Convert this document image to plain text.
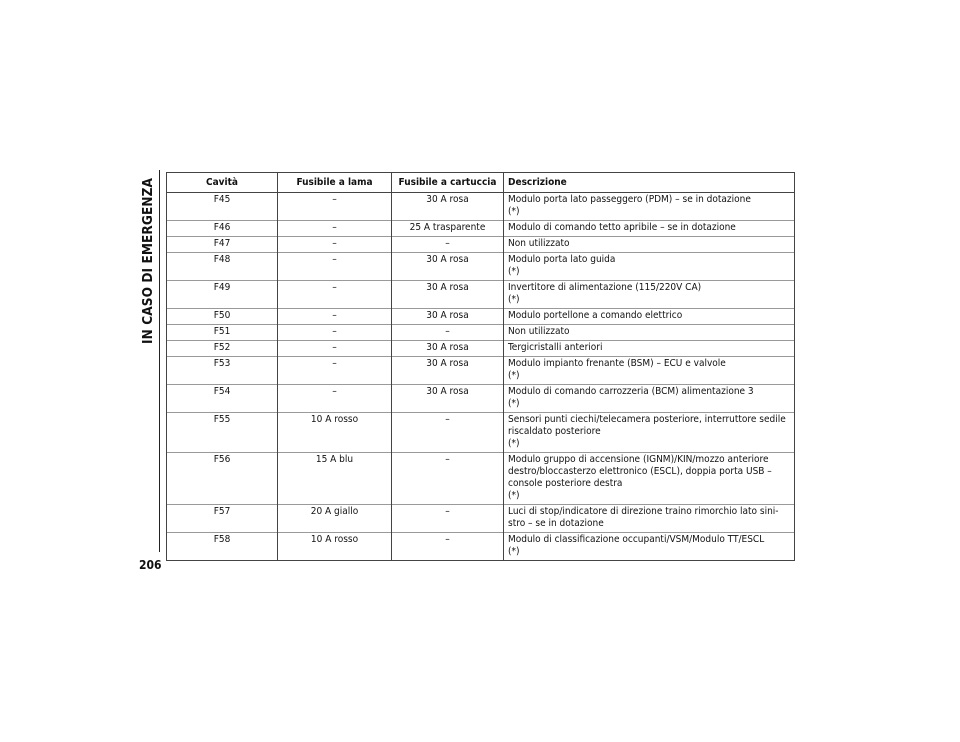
IN CASO DI EMERGENZA
206
Cavità	Fusibile a lama	Fusibile a cartuccia	Descrizione
F45	–	30 A rosa	Modulo porta lato passeggero (PDM) – se in dotazione
(*)

F46	–	25 A trasparente	Modulo di comando tetto apribile – se in dotazione
F47	–	–	Non utilizzato
F48	–	30 A rosa	Modulo porta lato guida
(*)

F49	–	30 A rosa	Invertitore di alimentazione (115/220V CA)
(*)

F50	–	30 A rosa	Modulo portellone a comando elettrico
F51	–	–	Non utilizzato
F52	–	30 A rosa	Tergicristalli anteriori
F53	–	30 A rosa	Modulo impianto frenante (BSM) – ECU e valvole
(*)

F54	–	30 A rosa	Modulo di comando carrozzeria (BCM) alimentazione 3
(*)

F55	10 A rosso	–	Sensori punti ciechi/telecamera posteriore, interruttore sedile
riscaldato posteriore
(*)

F56	15 A blu	–	Modulo gruppo di accensione (IGNM)/KIN/mozzo anteriore
destro/bloccasterzo elettronico (ESCL), doppia porta USB –
console posteriore destra
(*)

F57	20 A giallo	–	Luci di stop/indicatore di direzione traino rimorchio lato sini-
stro – se in dotazione
F58	10 A rosso	–	Modulo di classificazione occupanti/VSM/Modulo TT/ESCL
(*)
